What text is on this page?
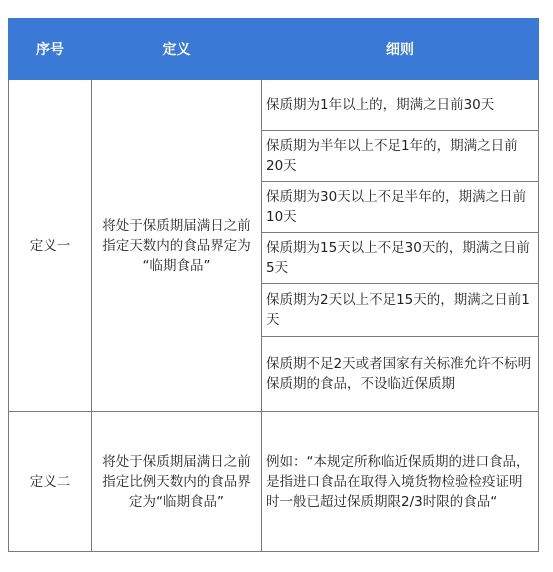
序号	定义	细则
定义一	将处于保质期届满日之前指定天数内的食品界定为 “临期食品”	保质期为1年以上的，期满之日前30天
		保质期为半年以上不足1年的，期满之日前20天
		保质期为30天以上不足半年的，期满之日前10天
		保质期为15天以上不足30天的，期满之日前5天
		保质期为2天以上不足15天的，期满之日前1天
		保质期不足2天或者国家有关标准允许不标明保质期的食品，不设临近保质期
定义二	将处于保质期届满日之前指定比例天数内的食品界定为“临期食品”	例如：“本规定所称临近保质期的进口食品，是指进口食品在取得入境货物检验检疫证明时一般已超过保质期限2/3时限的食品“
